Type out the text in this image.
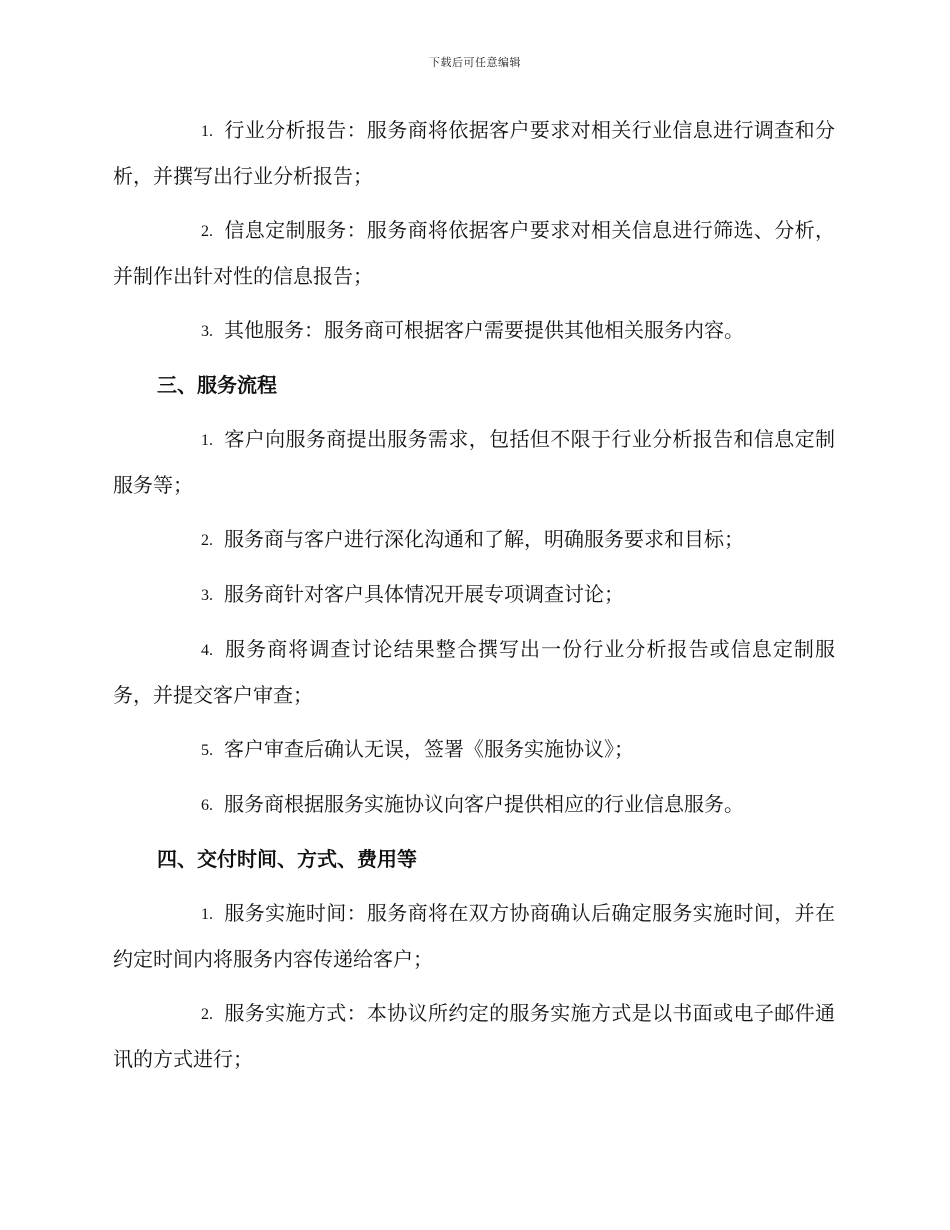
下载后可任意编辑

1. 行业分析报告：服务商将依据客户要求对相关行业信息进行调查和分析，并撰写出行业分析报告；

2. 信息定制服务：服务商将依据客户要求对相关信息进行筛选、分析，并制作出针对性的信息报告；

3. 其他服务：服务商可根据客户需要提供其他相关服务内容。

三、服务流程

1. 客户向服务商提出服务需求，包括但不限于行业分析报告和信息定制服务等；

2. 服务商与客户进行深化沟通和了解，明确服务要求和目标；

3. 服务商针对客户具体情况开展专项调查讨论；

4. 服务商将调查讨论结果整合撰写出一份行业分析报告或信息定制服务，并提交客户审查；

5. 客户审查后确认无误，签署《服务实施协议》；

6. 服务商根据服务实施协议向客户提供相应的行业信息服务。

四、交付时间、方式、费用等

1. 服务实施时间：服务商将在双方协商确认后确定服务实施时间，并在约定时间内将服务内容传递给客户；

2. 服务实施方式：本协议所约定的服务实施方式是以书面或电子邮件通讯的方式进行；
